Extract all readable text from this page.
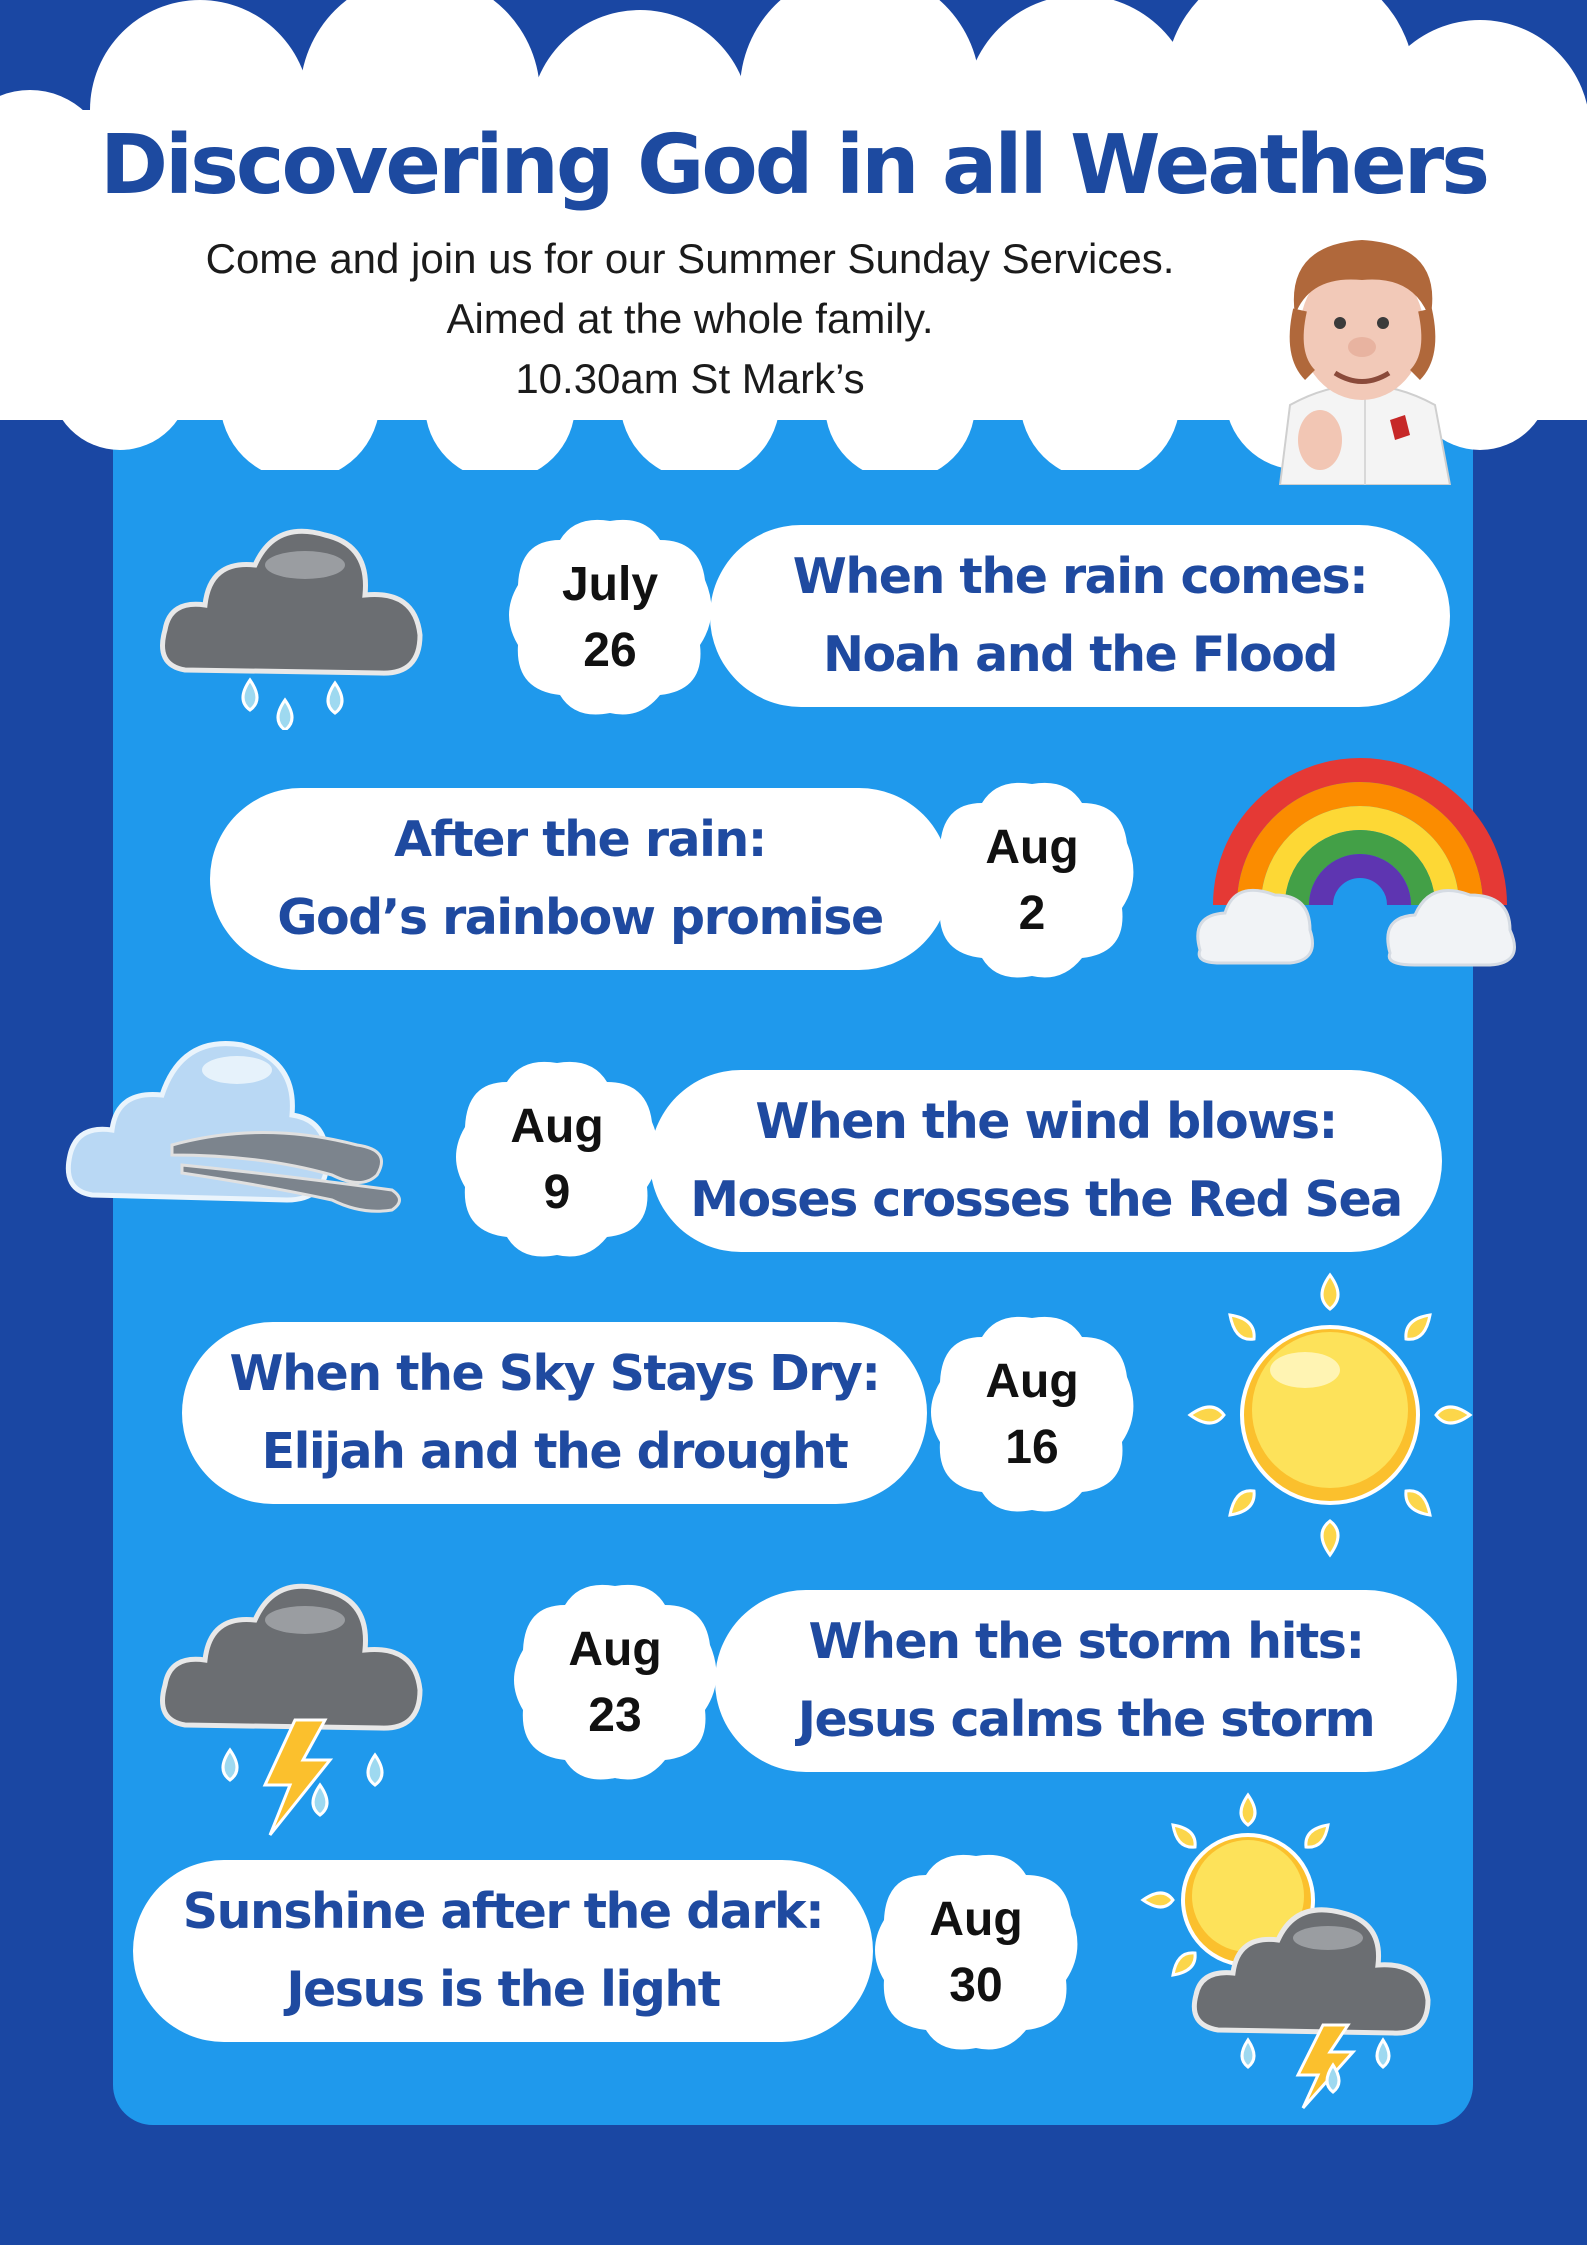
Discovering God in all Weathers

Come and join us for our Summer Sunday Services.

Aimed at the whole family.

10.30am St Mark’s

July
26
When the rain comes:
Noah and the Flood
After the rain:
God’s rainbow promise
Aug
2
Aug
9
When the wind blows:
Moses crosses the Red Sea
When the Sky Stays Dry:
Elijah and the drought
Aug
16
Aug
23
When the storm hits:
Jesus calms the storm
Sunshine after the dark:
Jesus is the light
Aug
30
